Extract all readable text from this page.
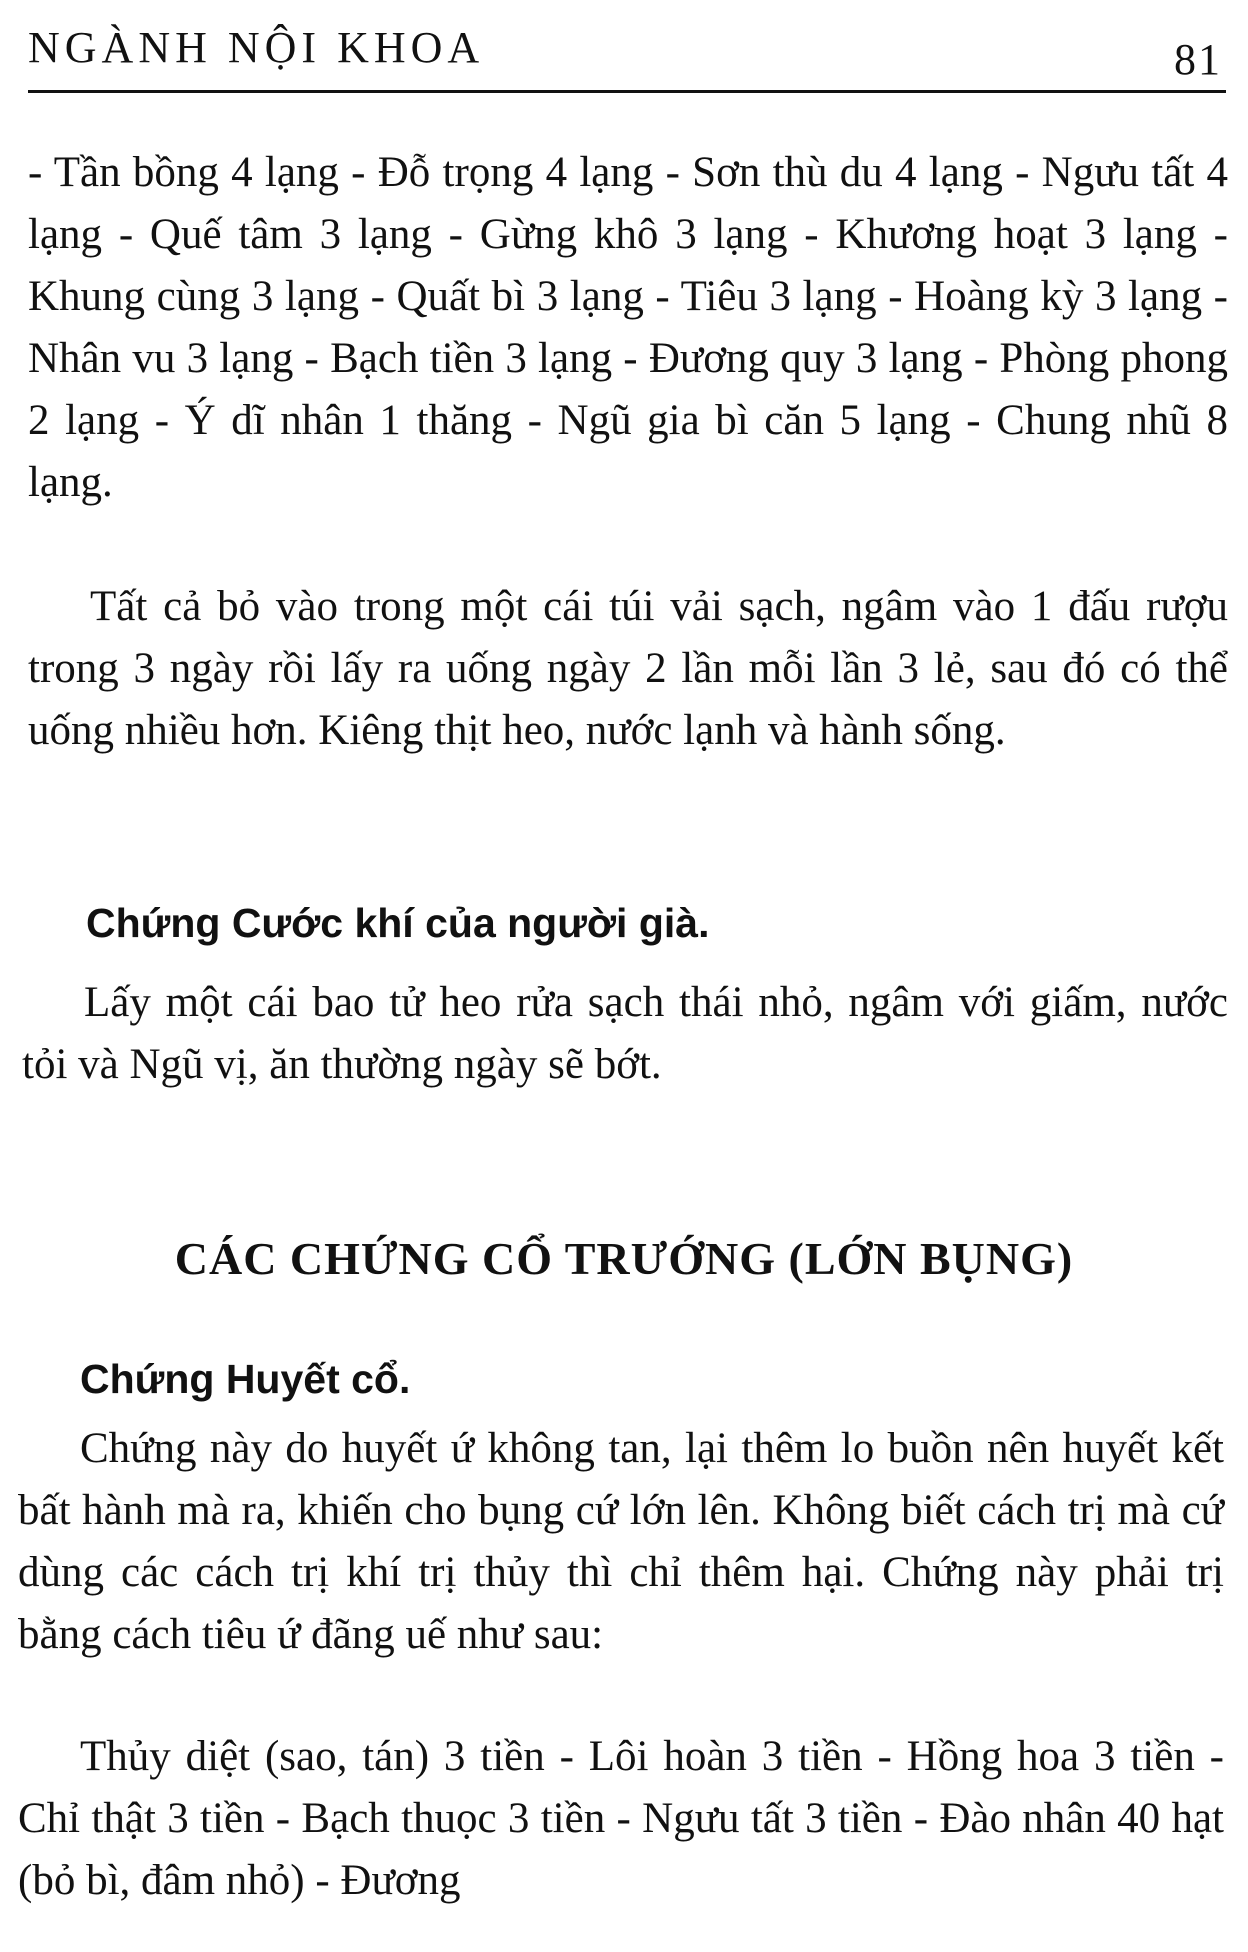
NGÀNH NỘI KHOA	81

- Tần bồng 4 lạng - Đỗ trọng 4 lạng - Sơn thù du 4 lạng - Ngưu tất 4 lạng - Quế tâm 3 lạng - Gừng khô 3 lạng - Khương hoạt 3 lạng - Khung cùng 3 lạng - Quất bì 3 lạng - Tiêu 3 lạng - Hoàng kỳ 3 lạng - Nhân vu 3 lạng - Bạch tiền 3 lạng - Đương quy 3 lạng - Phòng phong 2 lạng - Ý dĩ nhân 1 thăng - Ngũ gia bì căn 5 lạng - Chung nhũ 8 lạng.

Tất cả bỏ vào trong một cái túi vải sạch, ngâm vào 1 đấu rượu trong 3 ngày rồi lấy ra uống ngày 2 lần mỗi lần 3 lẻ, sau đó có thể uống nhiều hơn. Kiêng thịt heo, nước lạnh và hành sống.

Chứng Cước khí của người già.

Lấy một cái bao tử heo rửa sạch thái nhỏ, ngâm với giấm, nước tỏi và Ngũ vị, ăn thường ngày sẽ bớt.

CÁC CHỨNG CỔ TRƯỚNG (LỚN BỤNG)
Chứng Huyết cổ.

Chứng này do huyết ứ không tan, lại thêm lo buồn nên huyết kết bất hành mà ra, khiến cho bụng cứ lớn lên. Không biết cách trị mà cứ dùng các cách trị khí trị thủy thì chỉ thêm hại. Chứng này phải trị bằng cách tiêu ứ đãng uế như sau:

Thủy diệt (sao, tán) 3 tiền - Lôi hoàn 3 tiền - Hồng hoa 3 tiền - Chỉ thật 3 tiền - Bạch thuọc 3 tiền - Ngưu tất 3 tiền - Đào nhân 40 hạt (bỏ bì, đâm nhỏ) - Đương
